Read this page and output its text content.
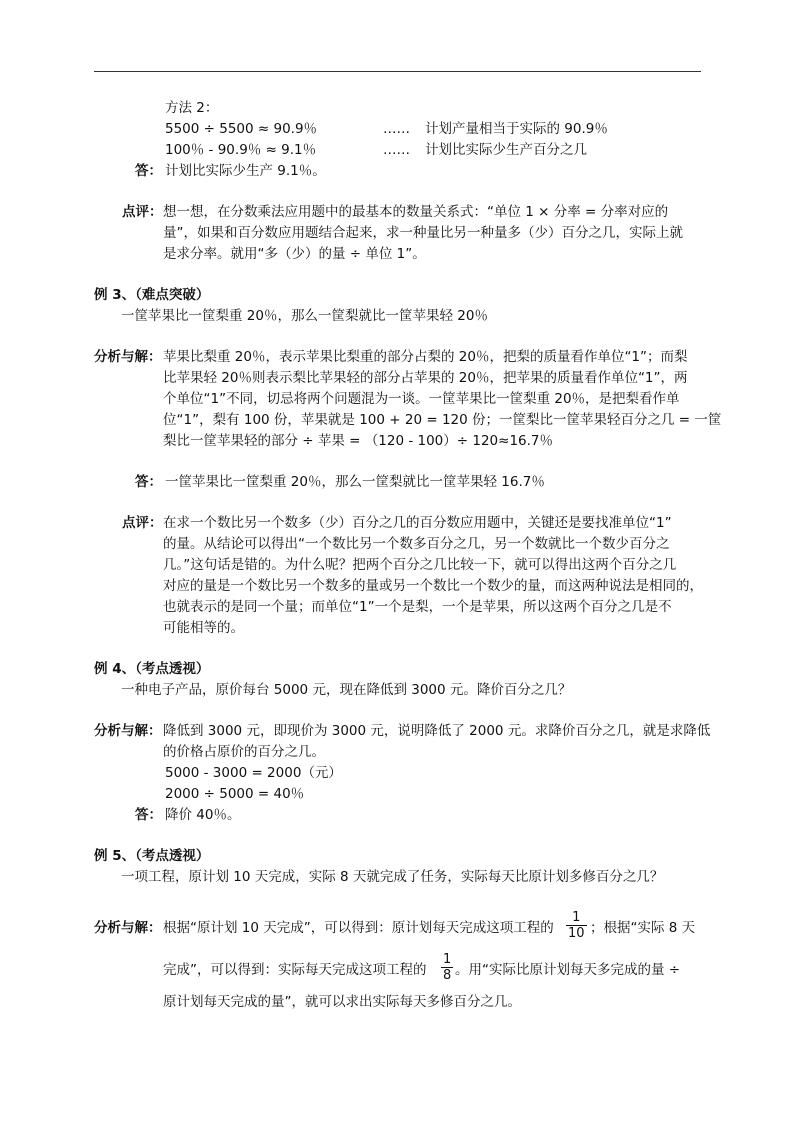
方法 2：
5500 ÷ 5500 ≈ 90.9％	…… 计划产量相当于实际的 90.9％
100％ - 90.9％ ≈ 9.1％	…… 计划比实际少生产百分之几
答： 计划比实际少生产 9.1％。
点评： 想一想，在分数乘法应用题中的最基本的数量关系式：“单位 1 × 分率 = 分率对应的
量”，如果和百分数应用题结合起来，求一种量比另一种量多（少）百分之几，实际上就
是求分率。就用“多（少）的量 ÷ 单位 1”。
例 3、（难点突破）
一筐苹果比一筐梨重 20％，那么一筐梨就比一筐苹果轻 20％
分析与解： 苹果比梨重 20％，表示苹果比梨重的部分占梨的 20％，把梨的质量看作单位“1”；而梨
比苹果轻 20％则表示梨比苹果轻的部分占苹果的 20％，把苹果的质量看作单位“1”，两
个单位“1”不同，切忌将两个问题混为一谈。一筐苹果比一筐梨重 20％，是把梨看作单
位“1”，梨有 100 份，苹果就是 100 + 20 = 120 份；一筐梨比一筐苹果轻百分之几 = 一筐
梨比一筐苹果轻的部分 ÷ 苹果 = （120 - 100）÷ 120≈16.7％
答： 一筐苹果比一筐梨重 20％，那么一筐梨就比一筐苹果轻 16.7％
点评： 在求一个数比另一个数多（少）百分之几的百分数应用题中，关键还是要找准单位“1”
的量。从结论可以得出“一个数比另一个数多百分之几，另一个数就比一个数少百分之
几。”这句话是错的。为什么呢？把两个百分之几比较一下，就可以得出这两个百分之几
对应的量是一个数比另一个数多的量或另一个数比一个数少的量，而这两种说法是相同的，
也就表示的是同一个量；而单位“1”一个是梨，一个是苹果，所以这两个百分之几是不
可能相等的。
例 4、（考点透视）
一种电子产品，原价每台 5000 元，现在降低到 3000 元。降价百分之几？
分析与解： 降低到 3000 元，即现价为 3000 元，说明降低了 2000 元。求降价百分之几，就是求降低
的价格占原价的百分之几。
5000 - 3000 = 2000（元）
2000 ÷ 5000 = 40％
答： 降价 40％。
例 5、（考点透视）
一项工程，原计划 10 天完成，实际 8 天就完成了任务，实际每天比原计划多修百分之几？
分析与解： 根据“原计划 10 天完成”，可以得到：原计划每天完成这项工程的 $\frac{1}{10}$ ；根据“实际 8 天
完成”，可以得到：实际每天完成这项工程的 $\frac{1}{8}$ 。用“实际比原计划每天多完成的量 ÷
原计划每天完成的量”，就可以求出实际每天多修百分之几。
